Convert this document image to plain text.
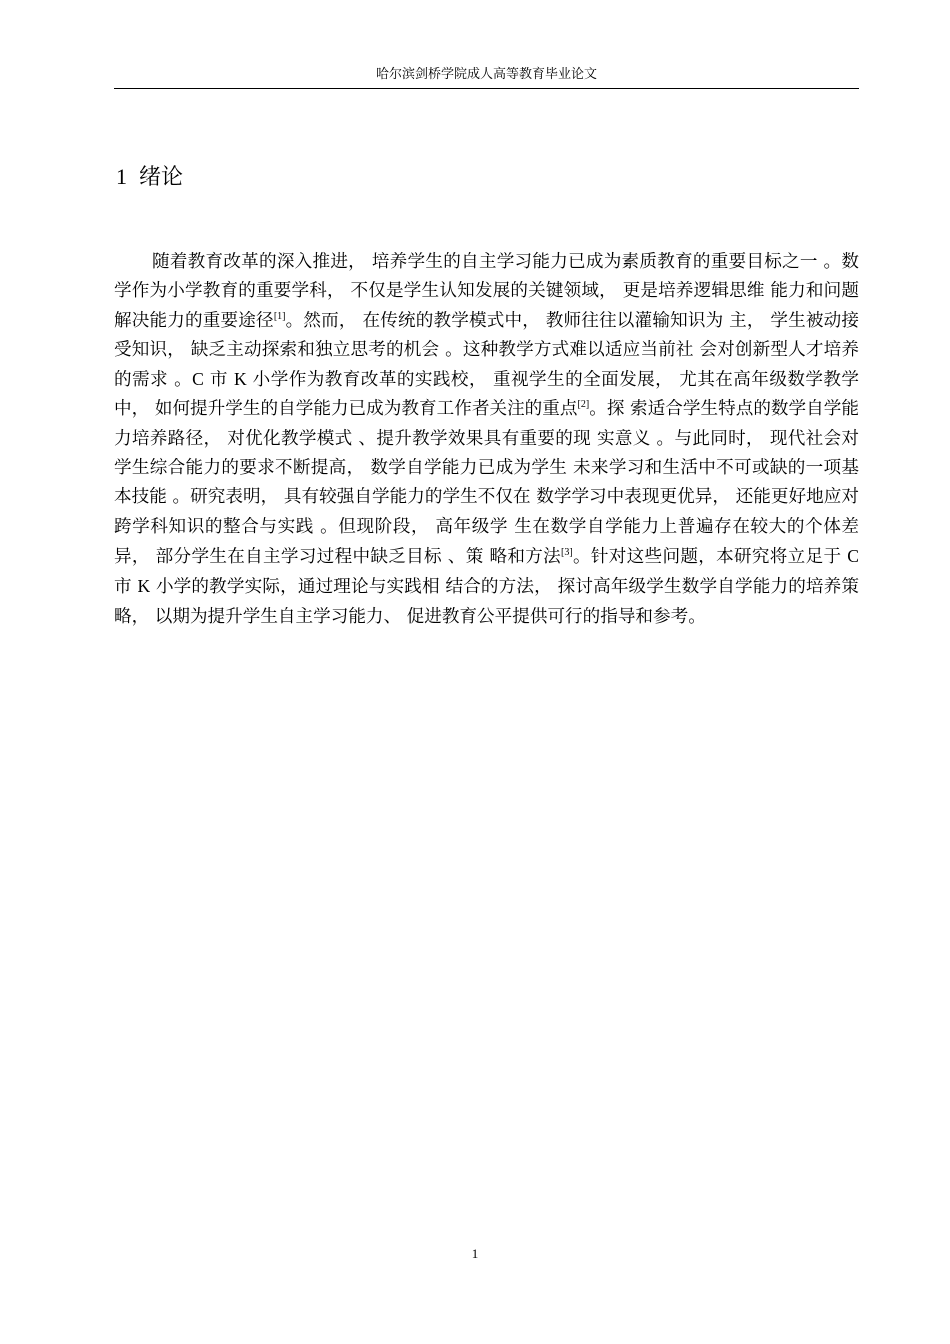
哈尔滨剑桥学院成人高等教育毕业论文
1 绪论

随着教育改革的深入推进， 培养学生的自主学习能力已成为素质教育的重要目标之一 。数学作为小学教育的重要学科， 不仅是学生认知发展的关键领域， 更是培养逻辑思维 能力和问题解决能力的重要途径[1]。然而， 在传统的教学模式中， 教师往往以灌输知识为 主， 学生被动接受知识， 缺乏主动探索和独立思考的机会 。这种教学方式难以适应当前社 会对创新型人才培养的需求 。C 市 K 小学作为教育改革的实践校， 重视学生的全面发展， 尤其在高年级数学教学中， 如何提升学生的自学能力已成为教育工作者关注的重点[2]。探 索适合学生特点的数学自学能力培养路径， 对优化教学模式 、提升教学效果具有重要的现 实意义 。与此同时， 现代社会对学生综合能力的要求不断提高， 数学自学能力已成为学生 未来学习和生活中不可或缺的一项基本技能 。研究表明， 具有较强自学能力的学生不仅在 数学学习中表现更优异， 还能更好地应对跨学科知识的整合与实践 。但现阶段， 高年级学 生在数学自学能力上普遍存在较大的个体差异， 部分学生在自主学习过程中缺乏目标 、策 略和方法[3]。针对这些问题，本研究将立足于 C 市 K 小学的教学实际，通过理论与实践相 结合的方法， 探讨高年级学生数学自学能力的培养策略， 以期为提升学生自主学习能力、 促进教育公平提供可行的指导和参考。

1
